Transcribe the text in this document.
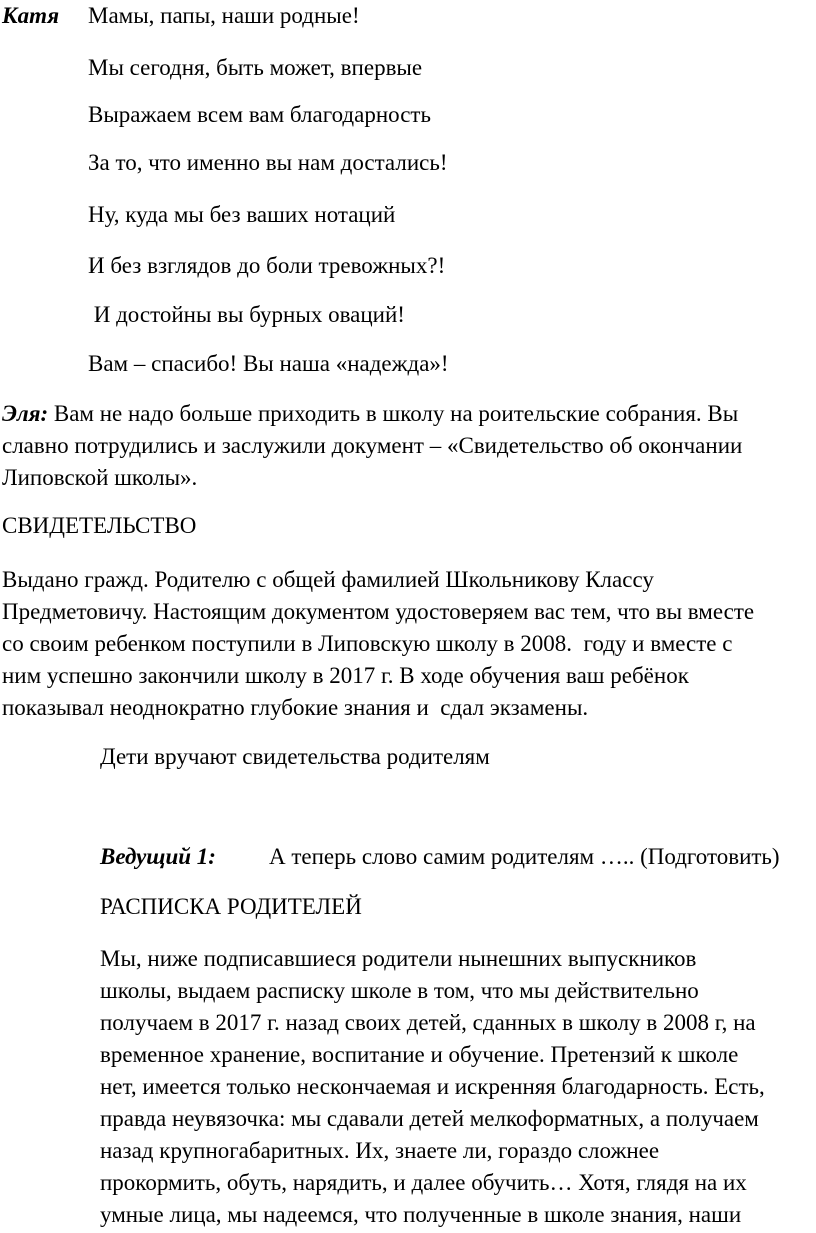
Катя Мамы, папы, наши родные!
Мы сегодня, быть может, впервые
Выражаем всем вам благодарность
За то, что именно вы нам достались!
Ну, куда мы без ваших нотаций
И без взглядов до боли тревожных?!
И достойны вы бурных оваций!
Вам – спасибо! Вы наша «надежда»!
Эля: Вам не надо больше приходить в школу на роительские собрания. Вы
славно потрудились и заслужили документ – «Свидетельство об окончании
Липовской школы».
СВИДЕТЕЛЬСТВО
Выдано гражд. Родителю с общей фамилией Школьникову Классу
Предметовичу. Настоящим документом удостоверяем вас тем, что вы вместе
со своим ребенком поступили в Липовскую школу в 2008.  году и вместе с
ним успешно закончили школу в 2017 г. В ходе обучения ваш ребёнок
показывал неоднократно глубокие знания и  сдал экзамены.
Дети вручают свидетельства родителям
Ведущий 1: А теперь слово самим родителям ….. (Подготовить)
РАСПИСКА РОДИТЕЛЕЙ
Мы, ниже подписавшиеся родители нынешних выпускников
школы, выдаем расписку школе в том, что мы действительно
получаем в 2017 г. назад своих детей, сданных в школу в 2008 г, на
временное хранение, воспитание и обучение. Претензий к школе
нет, имеется только нескончаемая и искренняя благодарность. Есть,
правда неувязочка: мы сдавали детей мелкоформатных, а получаем
назад крупногабаритных. Их, знаете ли, гораздо сложнее
прокормить, обуть, нарядить, и далее обучить… Хотя, глядя на их
умные лица, мы надеемся, что полученные в школе знания, наши
